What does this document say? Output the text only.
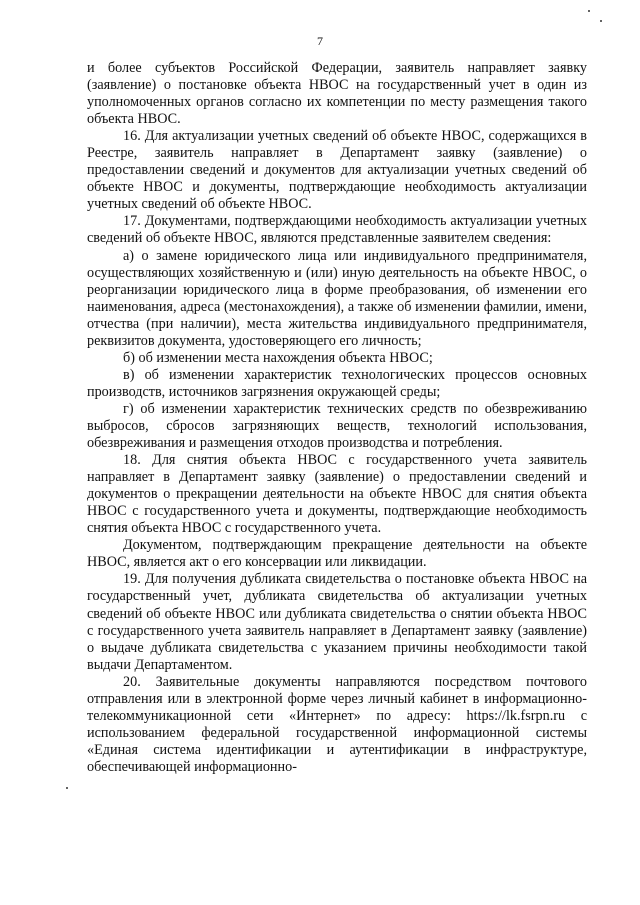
7

и более субъектов Российской Федерации, заявитель направляет заявку (заявление) о постановке объекта НВОС на государственный учет в один из уполномоченных органов согласно их компетенции по месту размещения такого объекта НВОС.

16. Для актуализации учетных сведений об объекте НВОС, содержащихся в Реестре, заявитель направляет в Департамент заявку (заявление) о предоставлении сведений и документов для актуализации учетных сведений об объекте НВОС и документы, подтверждающие необходимость актуализации учетных сведений об объекте НВОС.

17. Документами, подтверждающими необходимость актуализации учетных сведений об объекте НВОС, являются представленные заявителем сведения:

а) о замене юридического лица или индивидуального предпринимателя, осуществляющих хозяйственную и (или) иную деятельность на объекте НВОС, о реорганизации юридического лица в форме преобразования, об изменении его наименования, адреса (местонахождения), а также об изменении фамилии, имени, отчества (при наличии), места жительства индивидуального предпринимателя, реквизитов документа, удостоверяющего его личность;

б) об изменении места нахождения объекта НВОС;

в) об изменении характеристик технологических процессов основных производств, источников загрязнения окружающей среды;

г) об изменении характеристик технических средств по обезвреживанию выбросов, сбросов загрязняющих веществ, технологий использования, обезвреживания и размещения отходов производства и потребления.

18. Для снятия объекта НВОС с государственного учета заявитель направляет в Департамент заявку (заявление) о предоставлении сведений и документов о прекращении деятельности на объекте НВОС для снятия объекта НВОС с государственного учета и документы, подтверждающие необходимость снятия объекта НВОС с государственного учета.

Документом, подтверждающим прекращение деятельности на объекте НВОС, является акт о его консервации или ликвидации.

19. Для получения дубликата свидетельства о постановке объекта НВОС на государственный учет, дубликата свидетельства об актуализации учетных сведений об объекте НВОС или дубликата свидетельства о снятии объекта НВОС с государственного учета заявитель направляет в Департамент заявку (заявление) о выдаче дубликата свидетельства с указанием причины необходимости такой выдачи Департаментом.

20. Заявительные документы направляются посредством почтового отправления или в электронной форме через личный кабинет в информационно-телекоммуникационной сети «Интернет» по адресу: https://lk.fsrpn.ru с использованием федеральной государственной информационной системы «Единая система идентификации и аутентификации в инфраструктуре, обеспечивающей информационно-
